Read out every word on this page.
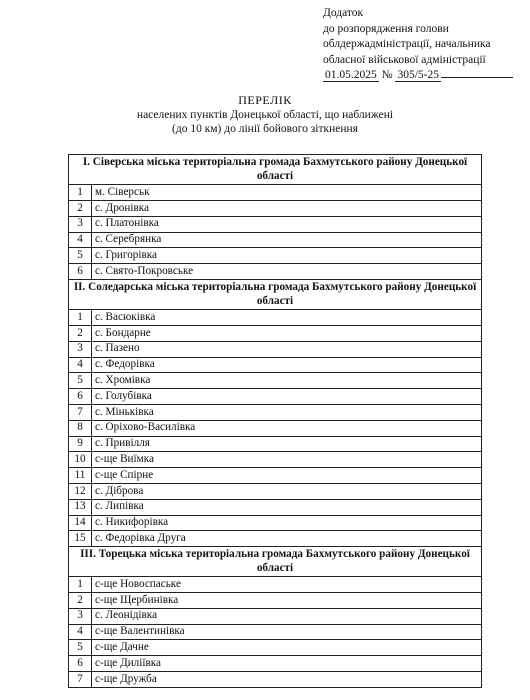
Додаток
до розпорядження голови
облдержадміністрації, начальника
обласної військової адміністрації
01.05.2025 № 305/5-25
ПЕРЕЛІК
населених пунктів Донецької області, що наближені
(до 10 км) до лінії бойового зіткнення
I. Сіверська міська територіальна громада Бахмутського району Донецької області	
1	м. Сіверськ
2	с. Дронівка
3	с. Платонівка
4	с. Серебрянка
5	с. Григорівка
6	с. Свято-Покровське
II. Соледарська міська територіальна громада Бахмутського району Донецької області	
1	с. Васюківка
2	с. Бондарне
3	с. Пазено
4	с. Федорівка
5	с. Хромівка
6	с. Голубівка
7	с. Міньківка
8	с. Оріхово-Василівка
9	с. Привілля
10	с-ще Виїмка
11	с-ще Спірне
12	с. Діброва
13	с. Липівка
14	с. Никифорівка
15	с. Федорівка Друга
III. Торецька міська територіальна громада Бахмутського району Донецької області	
1	с-ще Новоспаське
2	с-ще Щербинівка
3	с. Леонідівка
4	с-ще Валентинівка
5	с-ще Дачне
6	с-ще Диліївка
7	с-ще Дружба
